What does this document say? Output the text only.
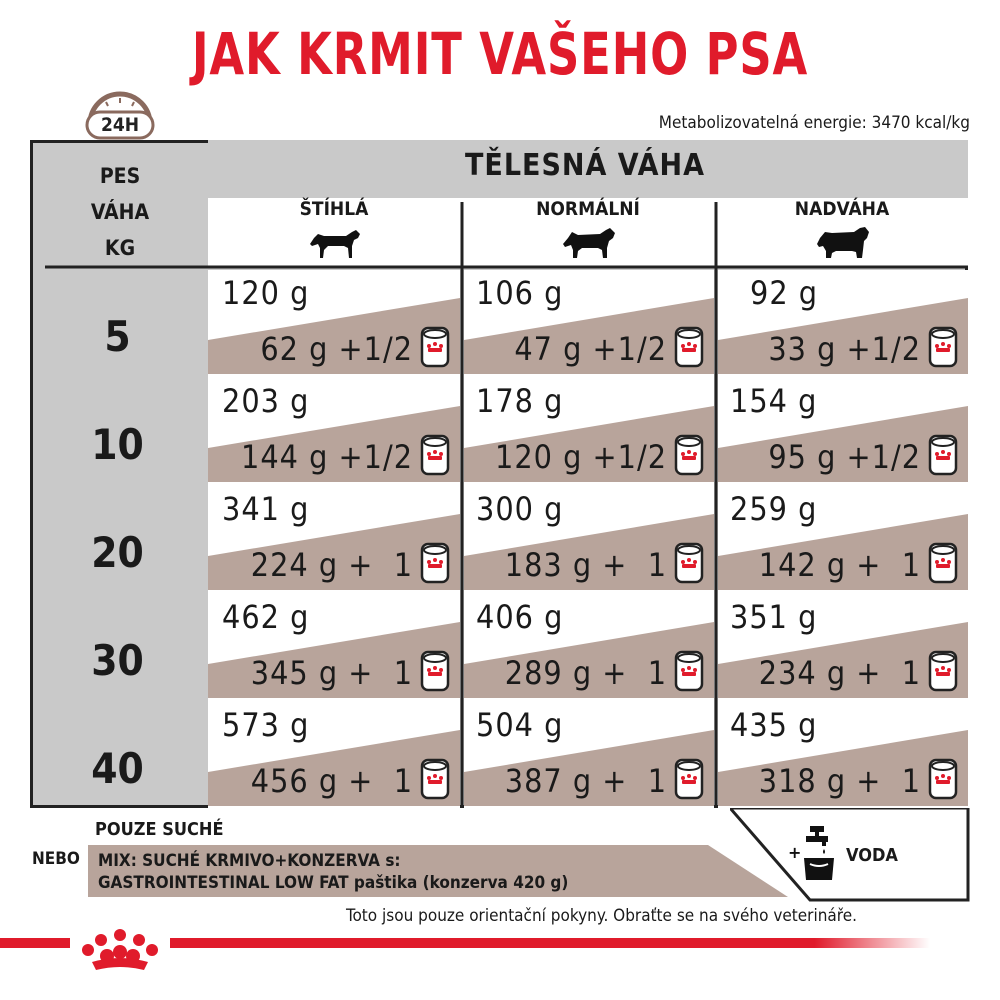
JAK KRMIT VAŠEHO PSA
Metabolizovatelná energie: 3470 kcal/kg
24H
PES
VÁHA
KG
TĚLESNÁ VÁHA
ŠTÍHLÁ	NORMÁLNÍ	NADVÁHA
5
120 g
62 g +1/2
106 g
47 g +1/2
92 g
33 g +1/2
10
203 g
144 g +1/2
178 g
120 g +1/2
154 g
95 g +1/2
20
341 g
224 g +  1
300 g
183 g +  1
259 g
142 g +  1
30
462 g
345 g +  1
406 g
289 g +  1
351 g
234 g +  1
40
573 g
456 g +  1
504 g
387 g +  1
435 g
318 g +  1
POUZE SUCHÉ
NEBO MIX: SUCHÉ KRMIVO+KONZERVA s:
GASTROINTESTINAL LOW FAT paštika (konzerva 420 g)
+ VODA
Toto jsou pouze orientační pokyny. Obraťte se na svého veterináře.
